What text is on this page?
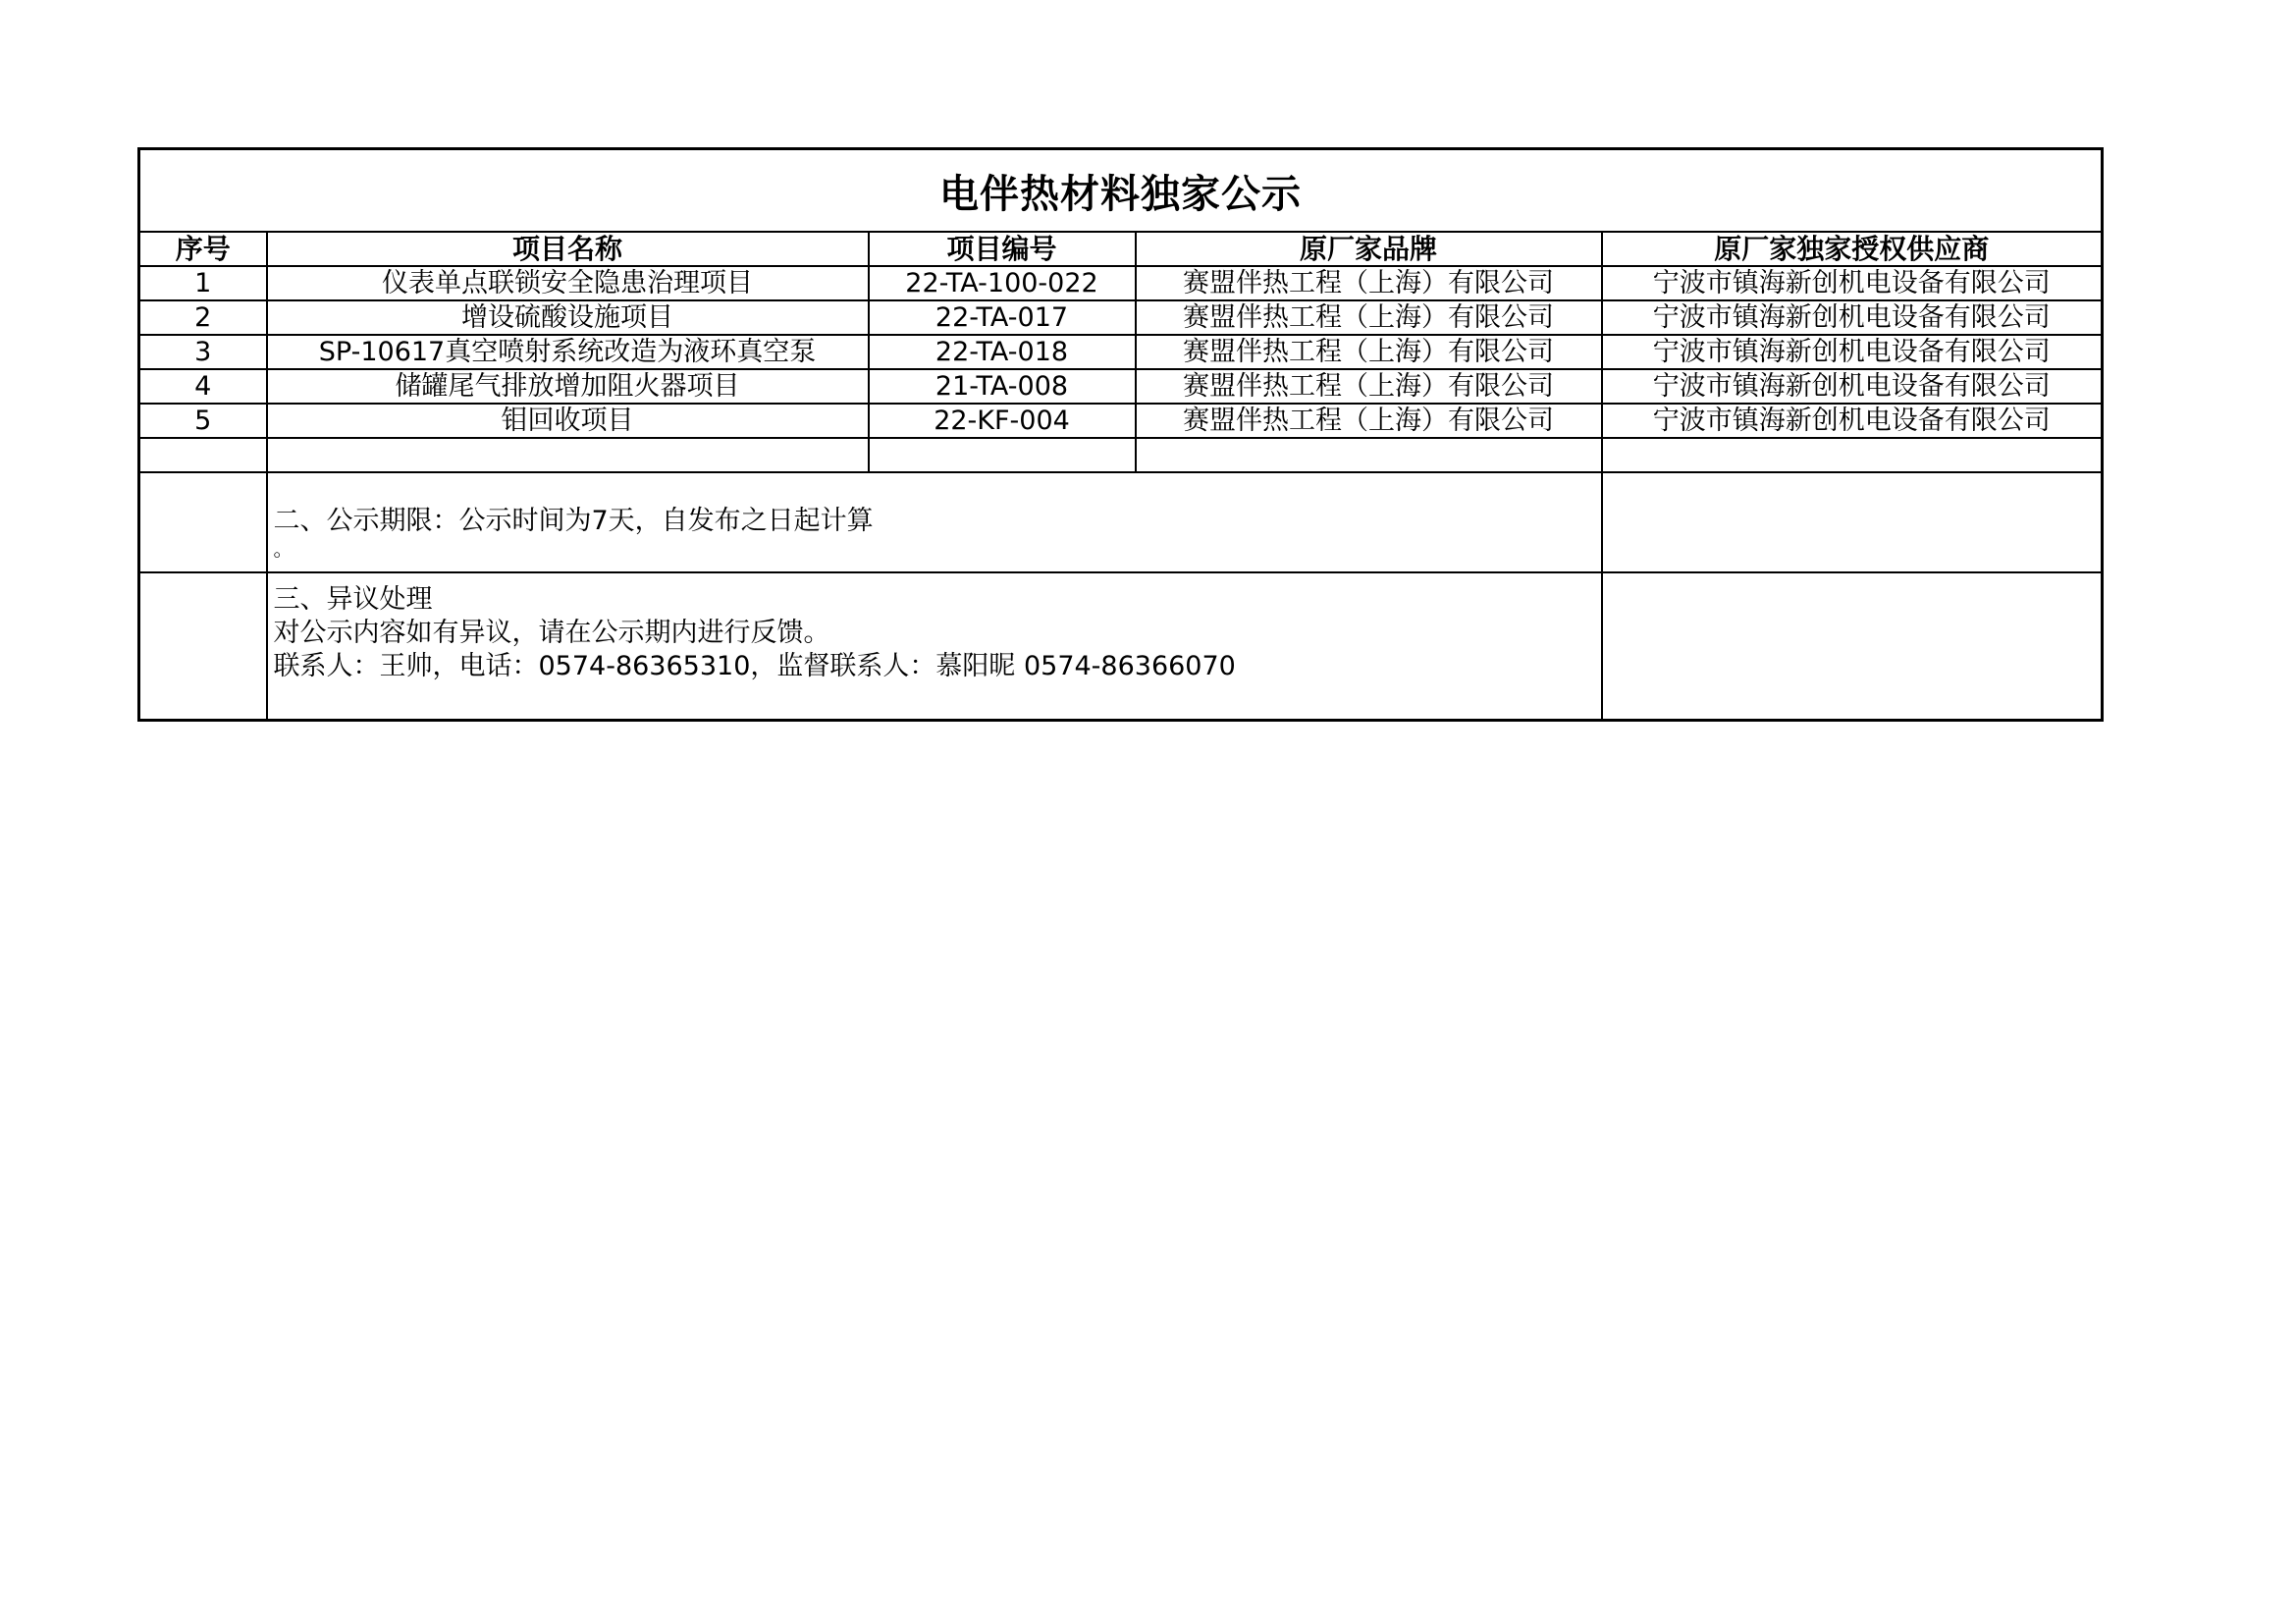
电伴热材料独家公示				
序号	项目名称	项目编号	原厂家品牌	原厂家独家授权供应商
1	仪表单点联锁安全隐患治理项目	22-TA-100-022	赛盟伴热工程（上海）有限公司	宁波市镇海新创机电设备有限公司
2	增设硫酸设施项目	22-TA-017	赛盟伴热工程（上海）有限公司	宁波市镇海新创机电设备有限公司
3	SP-10617真空喷射系统改造为液环真空泵	22-TA-018	赛盟伴热工程（上海）有限公司	宁波市镇海新创机电设备有限公司
4	储罐尾气排放增加阻火器项目	21-TA-008	赛盟伴热工程（上海）有限公司	宁波市镇海新创机电设备有限公司
5	钼回收项目	22-KF-004	赛盟伴热工程（上海）有限公司	宁波市镇海新创机电设备有限公司

	二、公示期限：公示时间为7天，自发布之日起计算
。			

	三、异议处理
对公示内容如有异议，请在公示期内进行反馈。
联系人：王帅，电话：0574-86365310，监督联系人：慕阳昵 0574-86366070			
